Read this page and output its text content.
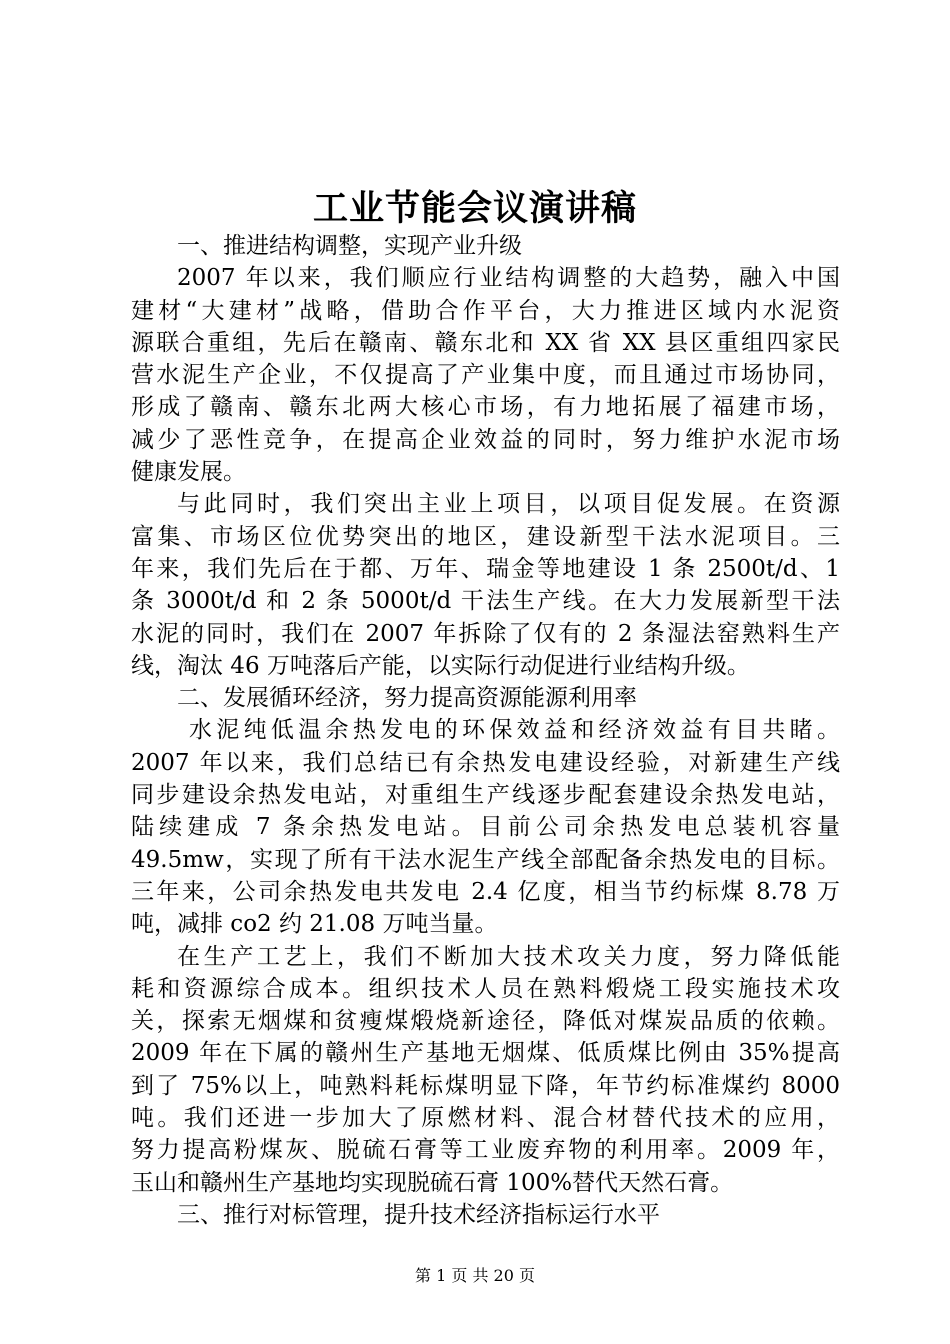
工业节能会议演讲稿

一、推进结构调整，实现产业升级

2007 年以来，我们顺应行业结构调整的大趋势，融入中国
建材“大建材”战略，借助合作平台，大力推进区域内水泥资
源联合重组，先后在赣南、赣东北和 XX 省 XX 县区重组四家民
营水泥生产企业，不仅提高了产业集中度，而且通过市场协同，
形成了赣南、赣东北两大核心市场，有力地拓展了福建市场，
减少了恶性竞争，在提高企业效益的同时，努力维护水泥市场
健康发展。

与此同时，我们突出主业上项目，以项目促发展。在资源
富集、市场区位优势突出的地区，建设新型干法水泥项目。三
年来，我们先后在于都、万年、瑞金等地建设 1 条 2500t/d、1
条 3000t/d 和 2 条 5000t/d 干法生产线。在大力发展新型干法
水泥的同时，我们在 2007 年拆除了仅有的 2 条湿法窑熟料生产
线，淘汰 46 万吨落后产能，以实际行动促进行业结构升级。

二、发展循环经济，努力提高资源能源利用率

水泥纯低温余热发电的环保效益和经济效益有目共睹。
2007 年以来，我们总结已有余热发电建设经验，对新建生产线
同步建设余热发电站，对重组生产线逐步配套建设余热发电站，
陆续建成 7 条余热发电站。目前公司余热发电总装机容量
49.5mw，实现了所有干法水泥生产线全部配备余热发电的目标。
三年来，公司余热发电共发电 2.4 亿度，相当节约标煤 8.78 万
吨，减排 co2 约 21.08 万吨当量。

在生产工艺上，我们不断加大技术攻关力度，努力降低能
耗和资源综合成本。组织技术人员在熟料煅烧工段实施技术攻
关，探索无烟煤和贫瘦煤煅烧新途径，降低对煤炭品质的依赖。
2009 年在下属的赣州生产基地无烟煤、低质煤比例由 35%提高
到了 75%以上，吨熟料耗标煤明显下降，年节约标准煤约 8000
吨。我们还进一步加大了原燃材料、混合材替代技术的应用，
努力提高粉煤灰、脱硫石膏等工业废弃物的利用率。2009 年，
玉山和赣州生产基地均实现脱硫石膏 100%替代天然石膏。

三、推行对标管理，提升技术经济指标运行水平

第 1 页 共 20 页
